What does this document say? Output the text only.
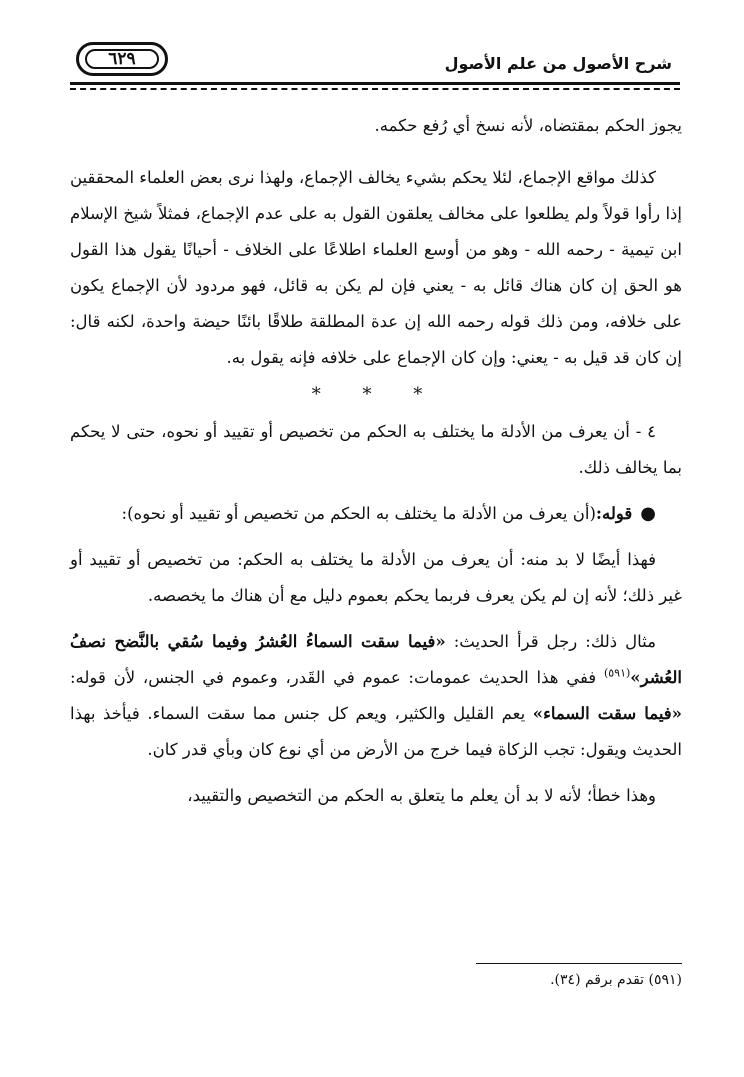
٦٢٩	شرح الأصول من علم الأصول

يجوز الحكم بمقتضاه، لأنه نسخ أي رُفع حكمه.

كذلك مواقع الإجماع، لئلا يحكم بشيء يخالف الإجماع، ولهذا نرى بعض العلماء المحققين إذا رأوا قولاً ولم يطلعوا على مخالف يعلقون القول به على عدم الإجماع، فمثلاً شيخ الإسلام ابن تيمية - رحمه الله - وهو من أوسع العلماء اطلاعًا على الخلاف - أحيانًا يقول هذا القول هو الحق إن كان هناك قائل به - يعني فإن لم يكن به قائل، فهو مردود لأن الإجماع يكون على خلافه، ومن ذلك قوله رحمه الله إن عدة المطلقة طلاقًا بائنًا حيضة واحدة، لكنه قال: إن كان قد قيل به - يعني: وإن كان الإجماع على خلافه فإنه يقول به.

* * *

٤ - أن يعرف من الأدلة ما يختلف به الحكم من تخصيص أو تقييد أو نحوه، حتى لا يحكم بما يخالف ذلك.

●قوله:(أن يعرف من الأدلة ما يختلف به الحكم من تخصيص أو تقييد أو نحوه):

فهذا أيضًا لا بد منه: أن يعرف من الأدلة ما يختلف به الحكم: من تخصيص أو تقييد أو غير ذلك؛ لأنه إن لم يكن يعرف فربما يحكم بعموم دليل مع أن هناك ما يخصصه.

مثال ذلك: رجل قرأ الحديث: «فيما سقت السماءُ العُشرُ وفيما سُقي بالنَّضح نصفُ العُشر»$^{(٥٩١)}$ ففي هذا الحديث عمومات: عموم في القَدر، وعموم في الجنس، لأن قوله: «فيما سقت السماء» يعم القليل والكثير، ويعم كل جنس مما سقت السماء. فيأخذ بهذا الحديث ويقول: تجب الزكاة فيما خرج من الأرض من أي نوع كان وبأي قدر كان.

وهذا خطأ؛ لأنه لا بد أن يعلم ما يتعلق به الحكم من التخصيص والتقييد،

(٥٩١) تقدم برقم (٣٤).
